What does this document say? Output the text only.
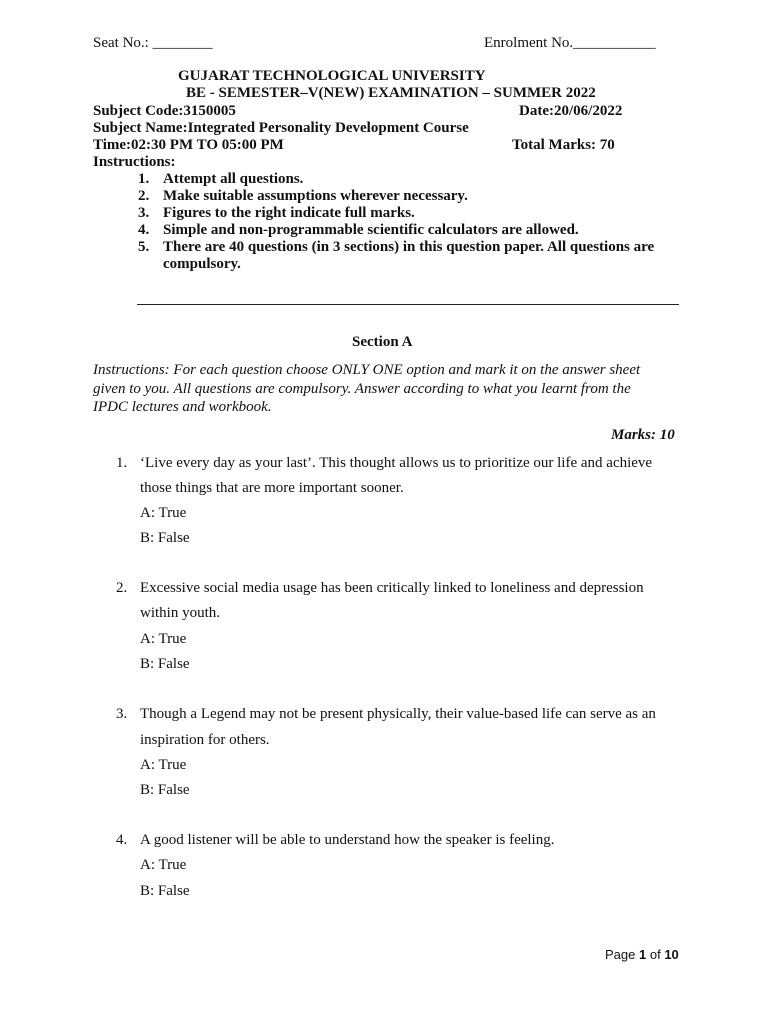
Seat No.: ________	Enrolment No.___________
GUJARAT TECHNOLOGICAL UNIVERSITY
BE - SEMESTER–V(NEW) EXAMINATION – SUMMER 2022
Subject Code:3150005	Date:20/06/2022
Subject Name:Integrated Personality Development Course
Time:02:30 PM TO 05:00 PM	Total Marks: 70
Instructions:
1. Attempt all questions.
2. Make suitable assumptions wherever necessary.
3. Figures to the right indicate full marks.
4. Simple and non-programmable scientific calculators are allowed.
5. There are 40 questions (in 3 sections) in this question paper. All questions are
compulsory.
Section A
Instructions: For each question choose ONLY ONE option and mark it on the answer sheet
given to you. All questions are compulsory. Answer according to what you learnt from the
IPDC lectures and workbook.
Marks: 10
1. ‘Live every day as your last’. This thought allows us to prioritize our life and achieve
those things that are more important sooner.
A: True
B: False
2. Excessive social media usage has been critically linked to loneliness and depression
within youth.
A: True
B: False
3. Though a Legend may not be present physically, their value-based life can serve as an
inspiration for others.
A: True
B: False
4. A good listener will be able to understand how the speaker is feeling.
A: True
B: False
Page 1 of 10
